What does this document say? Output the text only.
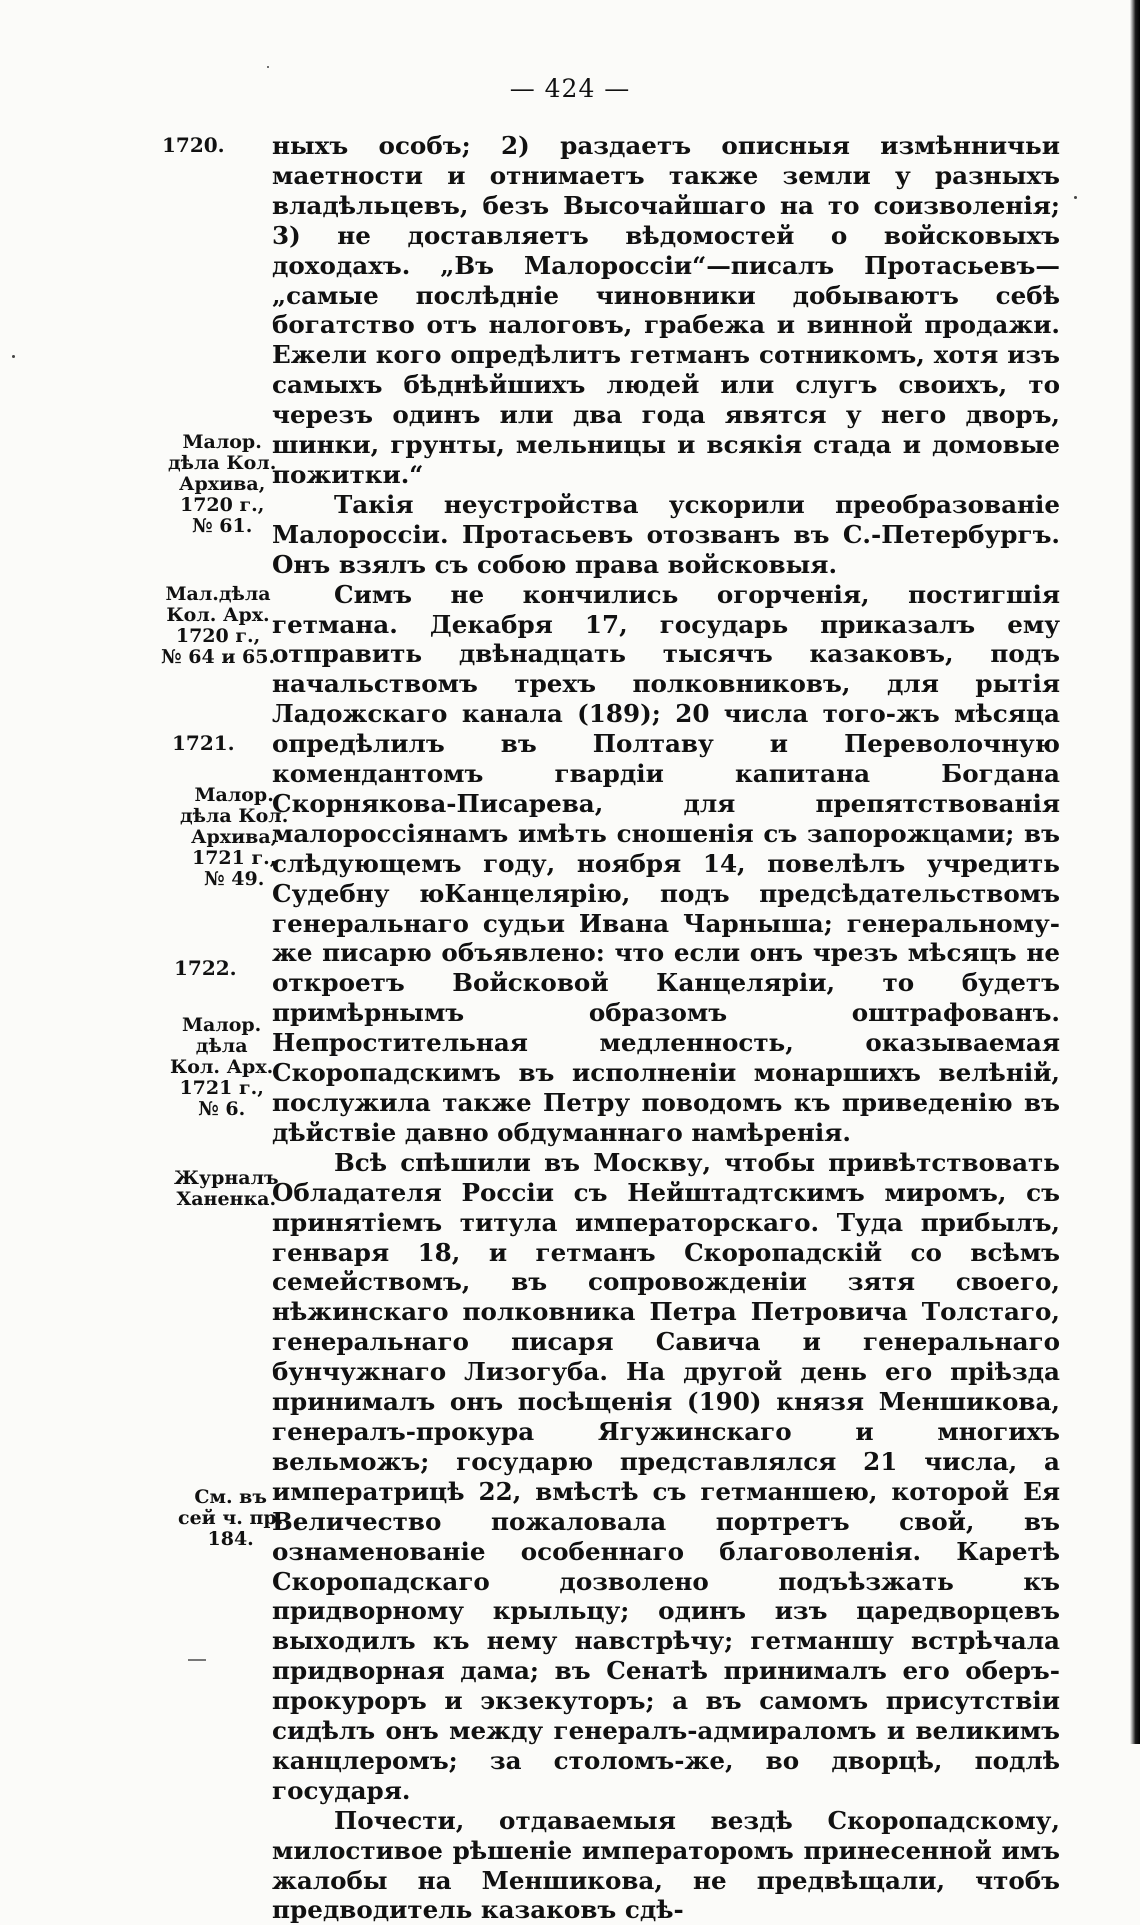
— 424 —
1720.
Малор.
дѣла Кол.
Архива,
1720 г.,
№ 61.
Мал.дѣла
Кол. Арх.
1720 г.,
№ 64 и 65.
1721.
Малор.
дѣла Кол.
Архива,
1721 г.,
№ 49.
1722.
Малор.
дѣла
Кол. Арх.
1721 г.,
№ 6.
Журналъ
Ханенка.
См. въ
сей ч. пр.
184.

ныхъ особъ; 2) раздаетъ описныя измѣнничьи маетности и отнимаетъ также земли у разныхъ владѣльцевъ, безъ Высочайшаго на то соизволенія; 3) не доставляетъ вѣдомостей о войсковыхъ доходахъ. „Въ Малороссіи“—писалъ Протасьевъ—„самые послѣдніе чиновники добываютъ себѣ богатство отъ налоговъ, грабежа и винной продажи. Ежели кого опредѣлитъ гетманъ сотникомъ, хотя изъ самыхъ бѣднѣйшихъ людей или слугъ своихъ, то черезъ одинъ или два года явятся у него дворъ, шинки, грунты, мельницы и всякія стада и домовые пожитки.“

Такія неустройства ускорили преобразованіе Малороссіи. Протасьевъ отозванъ въ С.-Петербургъ. Онъ взялъ съ собою права войсковыя.

Симъ не кончились огорченія, постигшія гетмана. Декабря 17, государь приказалъ ему отправить двѣнадцать тысячъ казаковъ, подъ начальствомъ трехъ полковниковъ, для рытія Ладожскаго канала (189); 20 числа того-жъ мѣсяца опредѣлилъ въ Полтаву и Переволочную комендантомъ гвардіи капитана Богдана Скорнякова-Писарева, для препятствованія малороссіянамъ имѣть сношенія съ запорожцами; въ слѣдующемъ году, ноября 14, повелѣлъ учредить Судебну юКанцелярію, подъ предсѣдательствомъ генеральнаго судьи Ивана Чарныша; генеральному-же писарю объявлено: что если онъ чрезъ мѣсяцъ не откроетъ Войсковой Канцеляріи, то будетъ примѣрнымъ образомъ оштрафованъ. Непростительная медленность, оказываемая Скоропадскимъ въ исполненіи монаршихъ велѣній, послужила также Петру поводомъ къ приведенію въ дѣйствіе давно обдуманнаго намѣренія.

Всѣ спѣшили въ Москву, чтобы привѣтствовать Обладателя Россіи съ Нейштадтскимъ миромъ, съ принятіемъ титула императорскаго. Туда прибылъ, генваря 18, и гетманъ Скоропадскій со всѣмъ семействомъ, въ сопровожденіи зятя своего, нѣжинскаго полковника Петра Петровича Толстаго, генеральнаго писаря Савича и генеральнаго бунчужнаго Лизогуба. На другой день его пріѣзда принималъ онъ посѣщенія (190) князя Меншикова, генералъ-прокура Ягужинскаго и многихъ вельможъ; государю представлялся 21 числа, а императрицѣ 22, вмѣстѣ съ гетманшею, которой Ея Величество пожаловала портретъ свой, въ ознаменованіе особеннаго благоволенія. Каретѣ Скоропадскаго дозволено подъѣзжать къ придворному крыльцу; одинъ изъ царедворцевъ выходилъ къ нему навстрѣчу; гетманшу встрѣчала придворная дама; въ Сенатѣ принималъ его оберъ-прокуроръ и экзекуторъ; а въ самомъ присутствіи сидѣлъ онъ между генералъ-адмираломъ и великимъ канцлеромъ; за столомъ-же, во дворцѣ, подлѣ государя.

Почести, отдаваемыя вездѣ Скоропадскому, милостивое рѣшеніе императоромъ принесенной имъ жалобы на Меншикова, не предвѣщали, чтобъ предводитель казаковъ сдѣ-
